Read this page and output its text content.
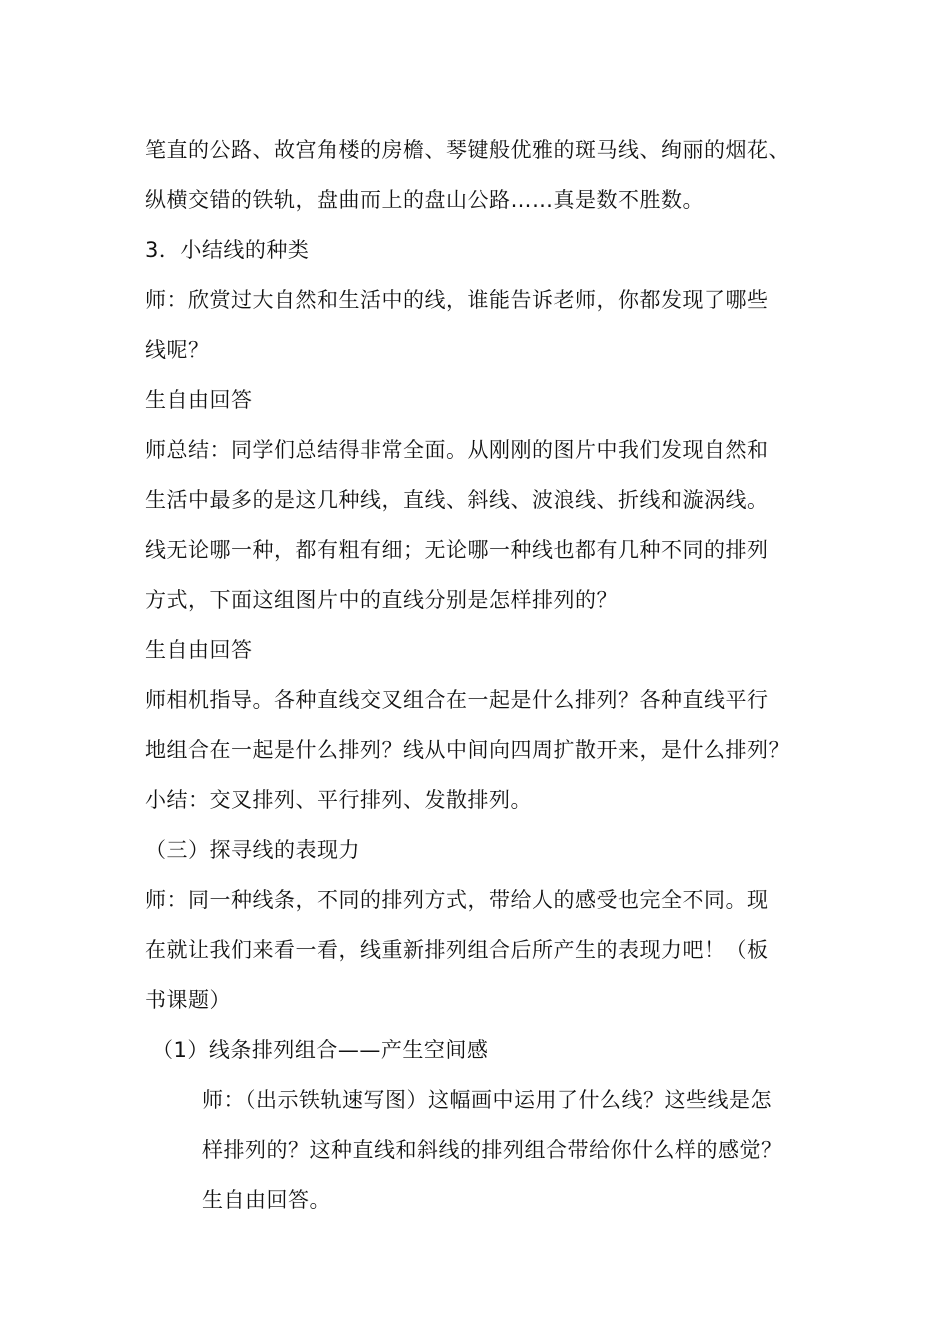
笔直的公路、故宫角楼的房檐、琴键般优雅的斑马线、绚丽的烟花、
纵横交错的铁轨，盘曲而上的盘山公路……真是数不胜数。
3．小结线的种类
师：欣赏过大自然和生活中的线，谁能告诉老师，你都发现了哪些
线呢？
生自由回答
师总结：同学们总结得非常全面。从刚刚的图片中我们发现自然和
生活中最多的是这几种线，直线、斜线、波浪线、折线和漩涡线。
线无论哪一种，都有粗有细；无论哪一种线也都有几种不同的排列
方式，下面这组图片中的直线分别是怎样排列的？
生自由回答
师相机指导。各种直线交叉组合在一起是什么排列？各种直线平行
地组合在一起是什么排列？线从中间向四周扩散开来，是什么排列？
小结：交叉排列、平行排列、发散排列。
（三）探寻线的表现力
师：同一种线条，不同的排列方式，带给人的感受也完全不同。现
在就让我们来看一看，线重新排列组合后所产生的表现力吧！（板
书课题）
（1）线条排列组合——产生空间感
师：（出示铁轨速写图）这幅画中运用了什么线？这些线是怎
样排列的？这种直线和斜线的排列组合带给你什么样的感觉？
生自由回答。
